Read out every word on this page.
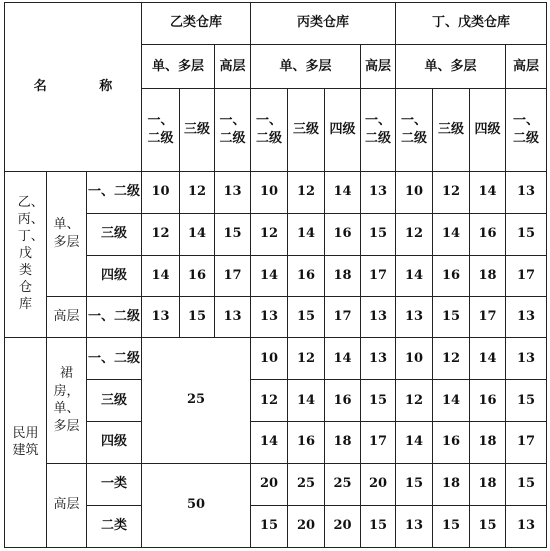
名 称			乙类仓库			丙类仓库				丁、戊类仓库			
			单、多层		高层	单、多层			高层	单、多层			高层
			一、二级	三级	一、二级	一、二级	三级	四级	一、二级	一、二级	三级	四级	一、二级
乙、丙、丁、戊类仓库	单、多层	一、二级	10	12	13	10	12	14	13	10	12	14	13
		三级	12	14	15	12	14	16	15	12	14	16	15
		四级	14	16	17	14	16	18	17	14	16	18	17
	高层	一、二级	13	15	13	13	15	17	13	13	15	17	13
民用建筑	裙房，单、多层	一、二级	25			10	12	14	13	10	12	14	13
		三级				12	14	16	15	12	14	16	15
		四级				14	16	18	17	14	16	18	17
	高层	一类	50			20	25	25	20	15	18	18	15
		二类				15	20	20	15	13	15	15	13
